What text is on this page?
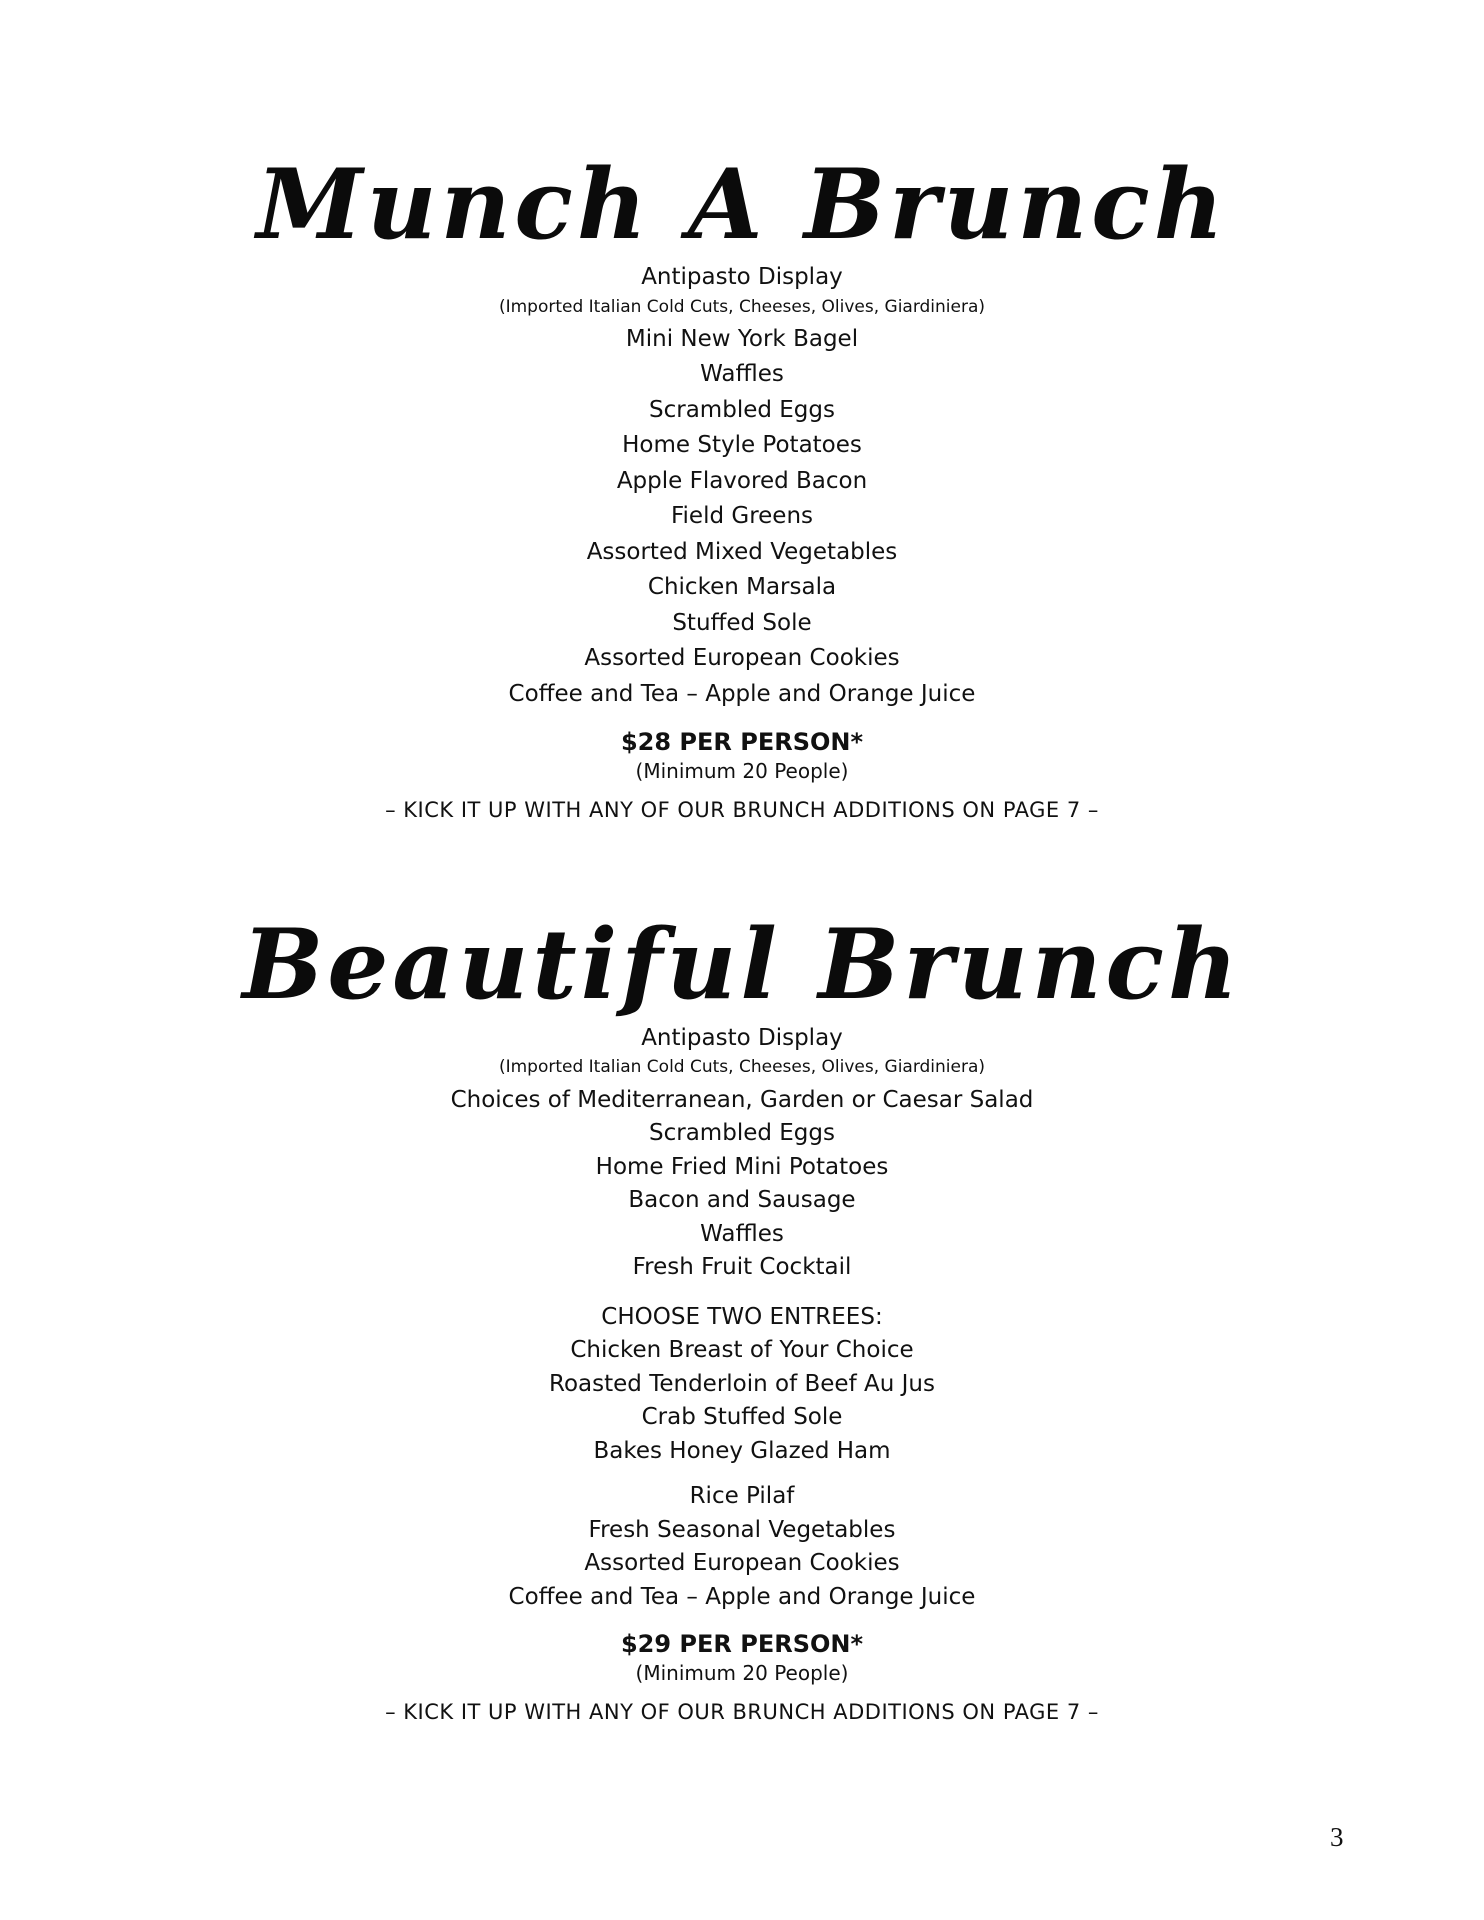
Munch A Brunch
Antipasto Display
(Imported Italian Cold Cuts, Cheeses, Olives, Giardiniera)
Mini New York Bagel
Waffles
Scrambled Eggs
Home Style Potatoes
Apple Flavored Bacon
Field Greens
Assorted Mixed Vegetables
Chicken Marsala
Stuffed Sole
Assorted European Cookies
Coffee and Tea – Apple and Orange Juice

$28 PER PERSON*

(Minimum 20 People)

– KICK IT UP WITH ANY OF OUR BRUNCH ADDITIONS ON PAGE 7 –

Beautiful Brunch
Antipasto Display
(Imported Italian Cold Cuts, Cheeses, Olives, Giardiniera)
Choices of Mediterranean, Garden or Caesar Salad
Scrambled Eggs
Home Fried Mini Potatoes
Bacon and Sausage
Waffles
Fresh Fruit Cocktail
CHOOSE TWO ENTREES:
Chicken Breast of Your Choice
Roasted Tenderloin of Beef Au Jus
Crab Stuffed Sole
Bakes Honey Glazed Ham
Rice Pilaf
Fresh Seasonal Vegetables
Assorted European Cookies
Coffee and Tea – Apple and Orange Juice

$29 PER PERSON*

(Minimum 20 People)

– KICK IT UP WITH ANY OF OUR BRUNCH ADDITIONS ON PAGE 7 –

3
